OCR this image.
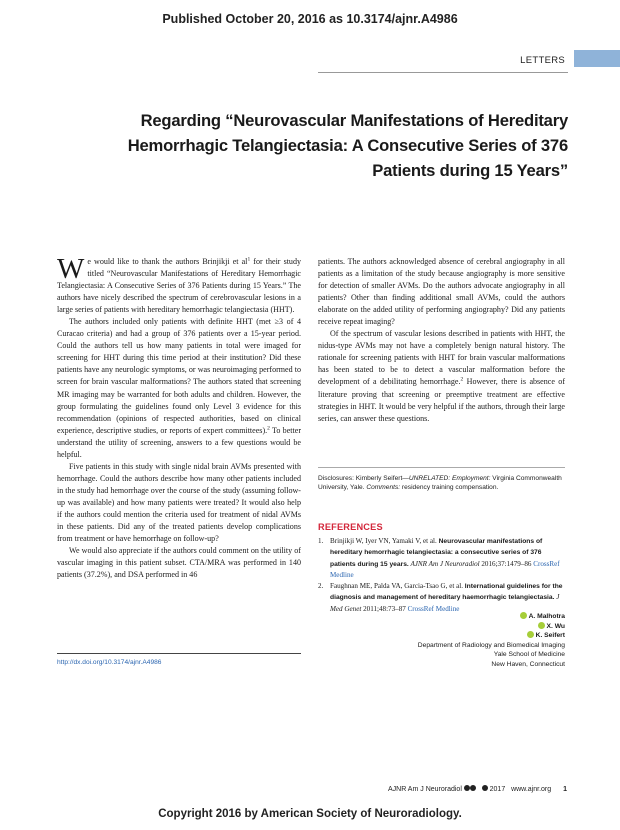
Published October 20, 2016 as 10.3174/ajnr.A4986
LETTERS
Regarding “Neurovascular Manifestations of Hereditary Hemorrhagic Telangiectasia: A Consecutive Series of 376 Patients during 15 Years”

We would like to thank the authors Brinjikji et $al^1$ for their study titled “Neurovascular Manifestations of Hereditary Hemorrhagic Telangiectasia: A Consecutive Series of 376 Patients during 15 Years.” The authors have nicely described the spectrum of cerebrovascular lesions in a large series of patients with hereditary hemorrhagic telangiectasia (HHT).

The authors included only patients with definite HHT (met ≥3 of 4 Curacao criteria) and had a group of 376 patients over a 15-year period. Could the authors tell us how many patients in total were imaged for screening for HHT during this time period at their institution? Did these patients have any neurologic symptoms, or was neuroimaging performed to screen for brain vascular malformations? The authors stated that screening MR imaging may be warranted for both adults and children. However, the group formulating the guidelines found only Level 3 evidence for this recommendation (opinions of respected authorities, based on clinical experience, descriptive studies, or reports of expert committees).$^2$ To better understand the utility of screening, answers to a few questions would be helpful.

Five patients in this study with single nidal brain AVMs presented with hemorrhage. Could the authors describe how many other patients included in the study had hemorrhage over the course of the study (assuming follow-up was available) and how many patients were treated? It would also help if the authors could mention the criteria used for treatment of nidal AVMs in these patients. Did any of the treated patients develop complications from treatment or have hemorrhage on follow-up?

We would also appreciate if the authors could comment on the utility of vascular imaging in this patient subset. CTA/MRA was performed in 140 patients (37.2%), and DSA performed in 46

patients. The authors acknowledged absence of cerebral angiography in all patients as a limitation of the study because angiography is more sensitive for detection of smaller AVMs. Do the authors advocate angiography in all patients? Other than finding additional small AVMs, could the authors elaborate on the added utility of performing angiography? Did any patients receive repeat imaging?

Of the spectrum of vascular lesions described in patients with HHT, the nidus-type AVMs may not have a completely benign natural history. The rationale for screening patients with HHT for brain vascular malformations has been stated to be to detect a vascular malformation before the development of a debilitating hemorrhage.$^2$ However, there is absence of literature proving that screening or preemptive treatment are effective strategies in HHT. It would be very helpful if the authors, through their large series, can answer these questions.

Disclosures: Kimberly Seifert—UNRELATED: Employment: Virginia Commonwealth University, Yale. Comments: residency training compensation.
REFERENCES
1. Brinjikji W, Iyer VN, Yamaki V, et al. Neurovascular manifestations of hereditary hemorrhagic telangiectasia: a consecutive series of 376 patients during 15 years. AJNR Am J Neuroradiol 2016;37:1479–86 CrossRef Medline
2. Faughnan ME, Palda VA, Garcia-Tsao G, et al. International guidelines for the diagnosis and management of hereditary haemorrhagic telangiectasia. J Med Genet 2011;48:73–87 CrossRef Medline
A. Malhotra
X. Wu
K. Seifert
Department of Radiology and Biomedical Imaging
Yale School of Medicine
New Haven, Connecticut
http://dx.doi.org/10.3174/ajnr.A4986
AJNR Am J Neuroradiol	2017 www.ajnr.org 1
Copyright 2016 by American Society of Neuroradiology.
